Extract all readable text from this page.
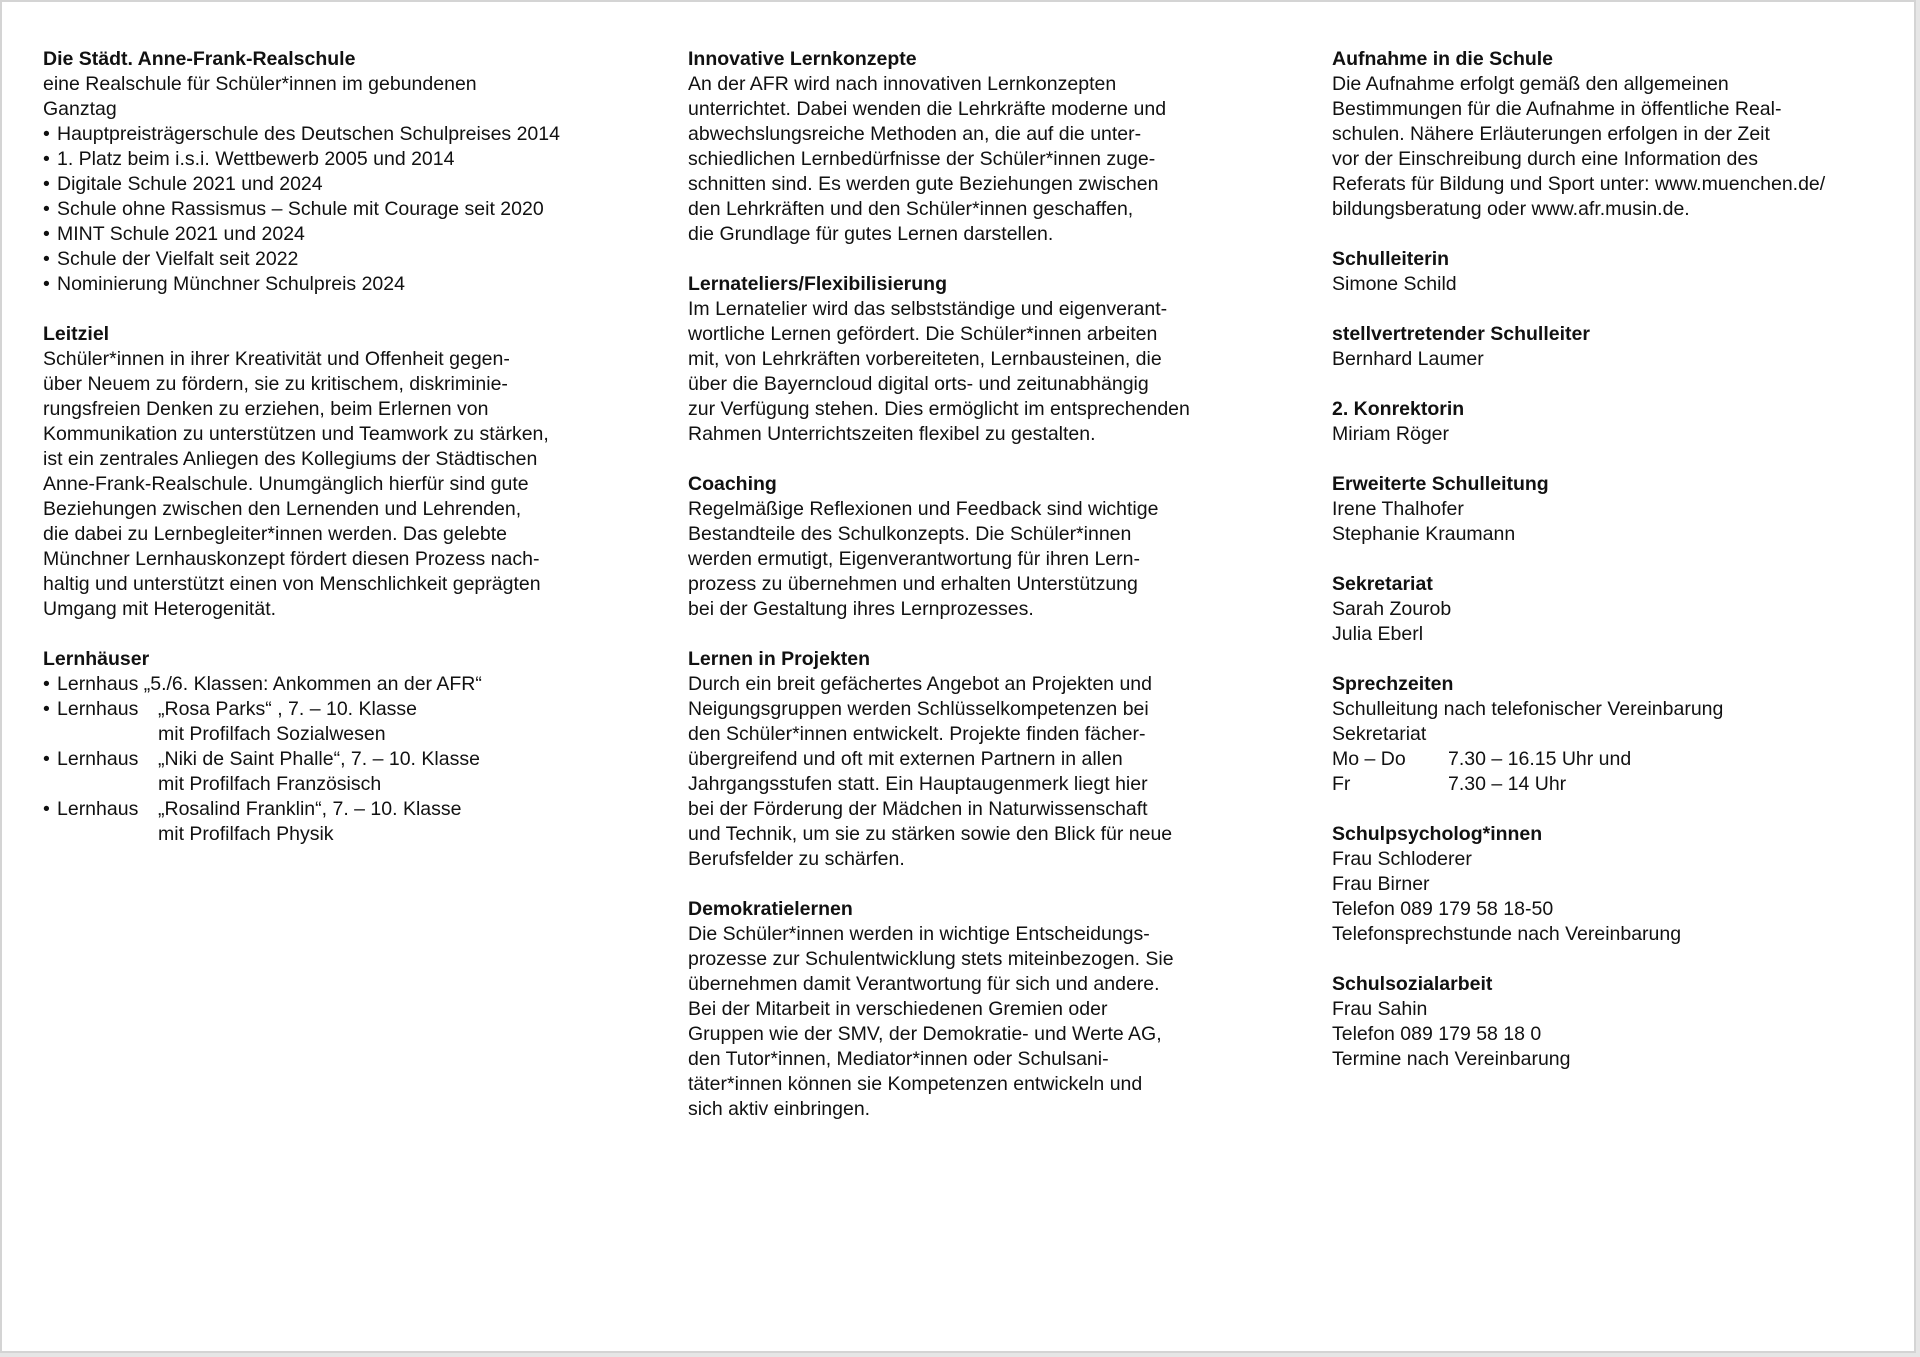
Die Städt. Anne-Frank-Realschule
eine Realschule für Schüler*innen im gebundenen
Ganztag
• Hauptpreisträgerschule des Deutschen Schulpreises 2014
• 1. Platz beim i.s.i. Wettbewerb 2005 und 2014
• Digitale Schule 2021 und 2024
• Schule ohne Rassismus – Schule mit Courage seit 2020
• MINT Schule 2021 und 2024
• Schule der Vielfalt seit 2022
• Nominierung Münchner Schulpreis 2024
Leitziel
Schüler*innen in ihrer Kreativität und Offenheit gegen-
über Neuem zu fördern, sie zu kritischem, diskriminie-
rungsfreien Denken zu erziehen, beim Erlernen von
Kommunikation zu unterstützen und Teamwork zu stärken,
ist ein zentrales Anliegen des Kollegiums der Städtischen
Anne-Frank-Realschule. Unumgänglich hierfür sind gute
Beziehungen zwischen den Lernenden und Lehrenden,
die dabei zu Lernbegleiter*innen werden. Das gelebte
Münchner Lernhauskonzept fördert diesen Prozess nach-
haltig und unterstützt einen von Menschlichkeit geprägten
Umgang mit Heterogenität.
Lernhäuser
• Lernhaus „5./6. Klassen: Ankommen an der AFR“
• Lernhaus „Rosa Parks“ , 7. – 10. Klasse
mit Profilfach Sozialwesen
• Lernhaus „Niki de Saint Phalle“, 7. – 10. Klasse
mit Profilfach Französisch
• Lernhaus „Rosalind Franklin“, 7. – 10. Klasse
mit Profilfach Physik
Innovative Lernkonzepte
An der AFR wird nach innovativen Lernkonzepten
unterrichtet. Dabei wenden die Lehrkräfte moderne und
abwechslungsreiche Methoden an, die auf die unter-
schiedlichen Lernbedürfnisse der Schüler*innen zuge-
schnitten sind. Es werden gute Beziehungen zwischen
den Lehrkräften und den Schüler*innen geschaffen,
die Grundlage für gutes Lernen darstellen.
Lernateliers/Flexibilisierung
Im Lernatelier wird das selbstständige und eigenverant-
wortliche Lernen gefördert. Die Schüler*innen arbeiten
mit, von Lehrkräften vorbereiteten, Lernbausteinen, die
über die Bayerncloud digital orts- und zeitunabhängig
zur Verfügung stehen. Dies ermöglicht im entsprechenden
Rahmen Unterrichtszeiten flexibel zu gestalten.
Coaching
Regelmäßige Reflexionen und Feedback sind wichtige
Bestandteile des Schulkonzepts. Die Schüler*innen
werden ermutigt, Eigenverantwortung für ihren Lern-
prozess zu übernehmen und erhalten Unterstützung
bei der Gestaltung ihres Lernprozesses.
Lernen in Projekten
Durch ein breit gefächertes Angebot an Projekten und
Neigungsgruppen werden Schlüsselkompetenzen bei
den Schüler*innen entwickelt. Projekte finden fächer-
übergreifend und oft mit externen Partnern in allen
Jahrgangsstufen statt. Ein Hauptaugenmerk liegt hier
bei der Förderung der Mädchen in Naturwissenschaft
und Technik, um sie zu stärken sowie den Blick für neue
Berufsfelder zu schärfen.
Demokratielernen
Die Schüler*innen werden in wichtige Entscheidungs-
prozesse zur Schulentwicklung stets miteinbezogen. Sie
übernehmen damit Verantwortung für sich und andere.
Bei der Mitarbeit in verschiedenen Gremien oder
Gruppen wie der SMV, der Demokratie- und Werte AG,
den Tutor*innen, Mediator*innen oder Schulsani-
täter*innen können sie Kompetenzen entwickeln und
sich aktiv einbringen.
Aufnahme in die Schule
Die Aufnahme erfolgt gemäß den allgemeinen
Bestimmungen für die Aufnahme in öffentliche Real-
schulen. Nähere Erläuterungen erfolgen in der Zeit
vor der Einschreibung durch eine Information des
Referats für Bildung und Sport unter: www.muenchen.de/
bildungsberatung oder www.afr.musin.de.
Schulleiterin
Simone Schild
stellvertretender Schulleiter
Bernhard Laumer
2. Konrektorin
Miriam Röger
Erweiterte Schulleitung
Irene Thalhofer
Stephanie Kraumann
Sekretariat
Sarah Zourob
Julia Eberl
Sprechzeiten
Schulleitung nach telefonischer Vereinbarung
Sekretariat
Mo – Do	7.30 – 16.15 Uhr und
Fr	7.30 – 14 Uhr
Schulpsycholog*innen
Frau Schloderer
Frau Birner
Telefon 089 179 58 18-50
Telefonsprechstunde nach Vereinbarung
Schulsozialarbeit
Frau Sahin
Telefon 089 179 58 18 0
Termine nach Vereinbarung
